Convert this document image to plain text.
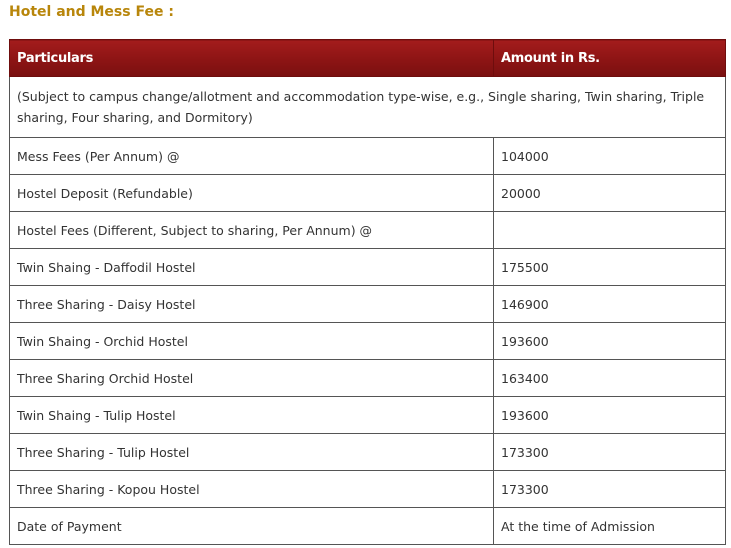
Hotel and Mess Fee :
Particulars	Amount in Rs.
(Subject to campus change/allotment and accommodation type-wise, e.g., Single sharing, Twin sharing, Triple sharing, Four sharing, and Dormitory)	
Mess Fees (Per Annum) @	104000
Hostel Deposit (Refundable)	20000
Hostel Fees (Different, Subject to sharing, Per Annum) @	
Twin Shaing - Daffodil Hostel	175500
Three Sharing - Daisy Hostel	146900
Twin Shaing - Orchid Hostel	193600
Three Sharing Orchid Hostel	163400
Twin Shaing - Tulip Hostel	193600
Three Sharing - Tulip Hostel	173300
Three Sharing - Kopou Hostel	173300
Date of Payment	At the time of Admission
